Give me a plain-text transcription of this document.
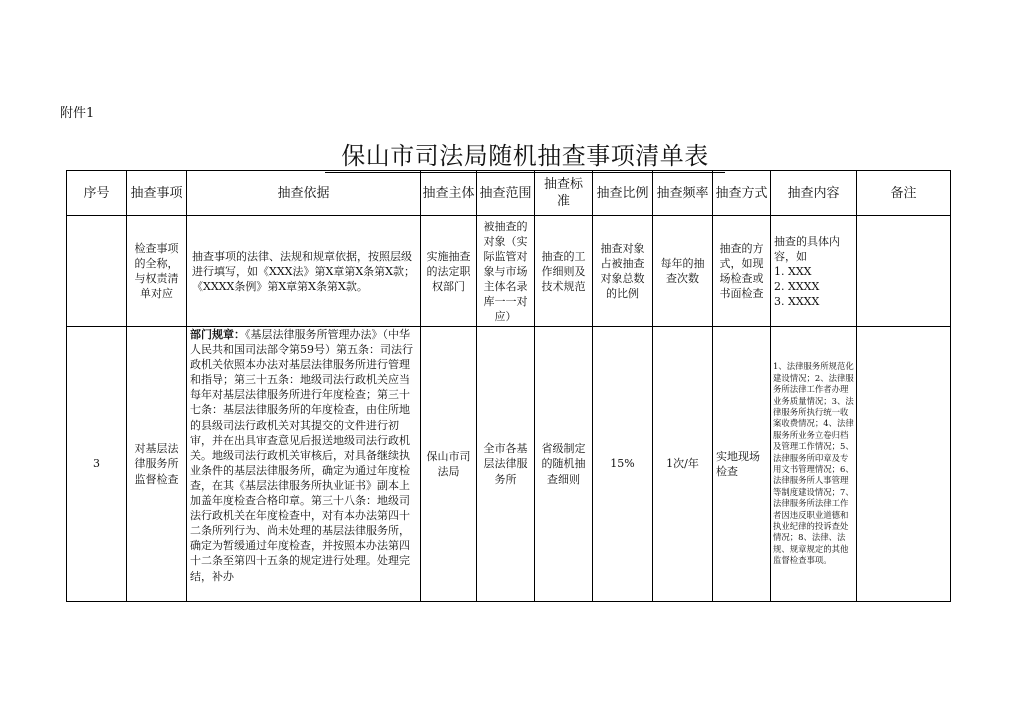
附件1
保山市司法局随机抽查事项清单表
序号	抽查事项	抽查依据	抽查主体	抽查范围	抽查标准	抽查比例	抽查频率	抽查方式	抽查内容	备注
	检查事项的全称，与权责清单对应	抽查事项的法律、法规和规章依据，按照层级进行填写，如《XXX法》第X章第X条第X款；《XXXX条例》第X章第X条第X款。	实施抽查的法定职权部门	被抽查的对象（实际监管对象与市场主体名录库一一对应）	抽查的工作细则及技术规范	抽查对象占被抽查对象总数的比例	每年的抽查次数	抽查的方式，如现场检查或书面检查	抽查的具体内容，如
1. XXX
2. XXXX
3. XXXX	

3	对基层法律服务所监督检查	部门规章：《基层法律服务所管理办法》（中华人民共和国司法部令第59号）第五条：司法行政机关依照本办法对基层法律服务所进行管理和指导；第三十五条：地级司法行政机关应当每年对基层法律服务所进行年度检查；第三十七条：基层法律服务所的年度检查，由住所地的县级司法行政机关对其提交的文件进行初审，并在出具审查意见后报送地级司法行政机关。地级司法行政机关审核后，对具备继续执业条件的基层法律服务所，确定为通过年度检查，在其《基层法律服务所执业证书》副本上加盖年度检查合格印章。第三十八条：地级司法行政机关在年度检查中，对有本办法第四十二条所列行为、尚未处理的基层法律服务所，确定为暂缓通过年度检查，并按照本办法第四十二条至第四十五条的规定进行处理。处理完结，补办	保山市司法局	全市各基层法律服务所	省级制定的随机抽查细则	15%	1次/年	实地现场检查	1、法律服务所规范化建设情况；2、法律服务所法律工作者办理业务质量情况；3、法律服务所执行统一收案收费情况；4、法律服务所业务立卷归档及管理工作情况；5、法律服务所印章及专用文书管理情况；6、法律服务所人事管理等制度建设情况；7、法律服务所法律工作者因违反职业道德和执业纪律的投诉查处情况；8、法律、法规、规章规定的其他监督检查事项。	
